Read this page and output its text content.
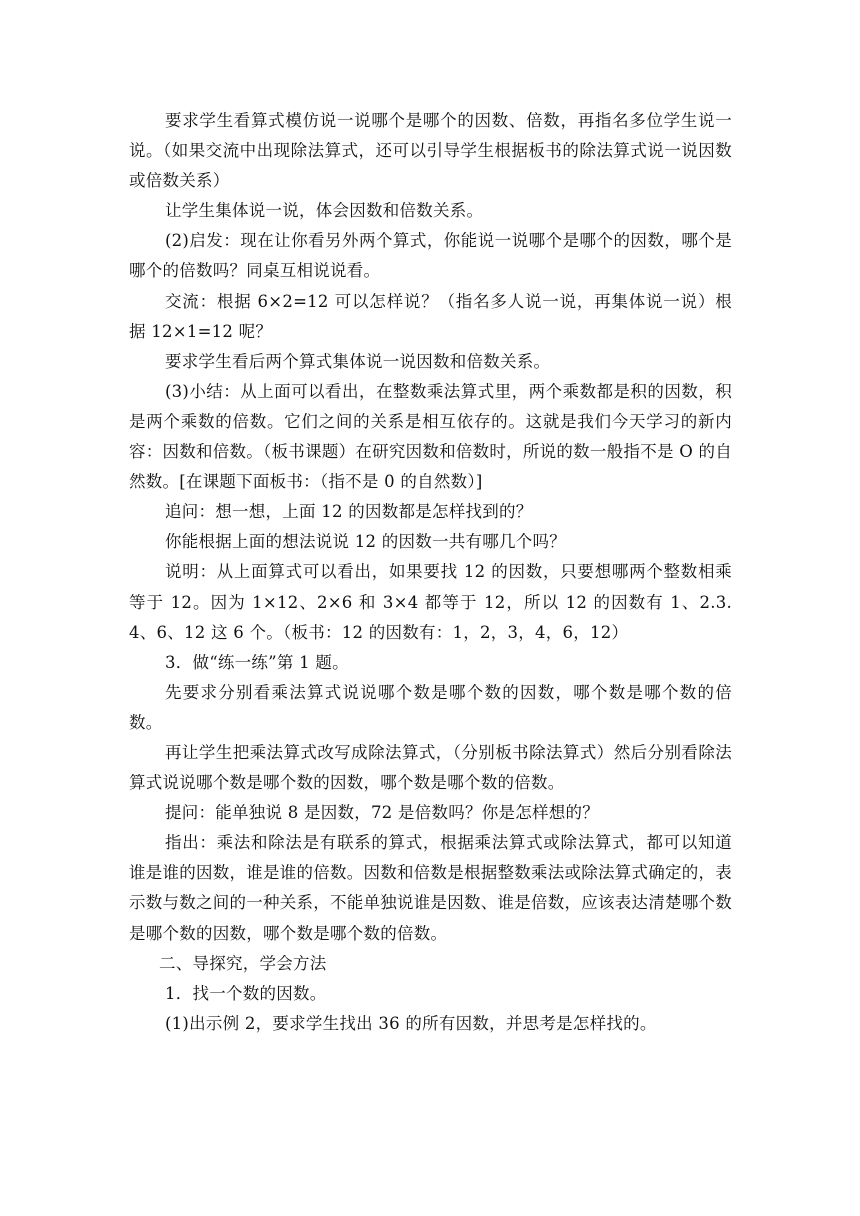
要求学生看算式模仿说一说哪个是哪个的因数、倍数，再指名多位学生说一说。（如果交流中出现除法算式，还可以引导学生根据板书的除法算式说一说因数或倍数关系）

让学生集体说一说，体会因数和倍数关系。

(2)启发：现在让你看另外两个算式，你能说一说哪个是哪个的因数，哪个是哪个的倍数吗？同桌互相说说看。

交流：根据 6×2=12 可以怎样说？（指名多人说一说，再集体说一说）根据 12×1=12 呢？

要求学生看后两个算式集体说一说因数和倍数关系。

(3)小结：从上面可以看出，在整数乘法算式里，两个乘数都是积的因数，积是两个乘数的倍数。它们之间的关系是相互依存的。这就是我们今天学习的新内容：因数和倍数。（板书课题）在研究因数和倍数时，所说的数一般指不是 O 的自然数。[在课题下面板书：（指不是 0 的自然数）]

追问：想一想，上面 12 的因数都是怎样找到的？

你能根据上面的想法说说 12 的因数一共有哪几个吗？

说明：从上面算式可以看出，如果要找 12 的因数，只要想哪两个整数相乘等于 12。因为 1×12、2×6 和 3×4 都等于 12，所以 12 的因数有 1、2.3.4、6、12 这 6 个。（板书：12 的因数有：1，2，3，4，6，12）

3．做“练一练”第 1 题。

先要求分别看乘法算式说说哪个数是哪个数的因数，哪个数是哪个数的倍数。

再让学生把乘法算式改写成除法算式，（分别板书除法算式）然后分别看除法算式说说哪个数是哪个数的因数，哪个数是哪个数的倍数。

提问：能单独说 8 是因数，72 是倍数吗？你是怎样想的？

指出：乘法和除法是有联系的算式，根据乘法算式或除法算式，都可以知道谁是谁的因数，谁是谁的倍数。因数和倍数是根据整数乘法或除法算式确定的，表示数与数之间的一种关系，不能单独说谁是因数、谁是倍数，应该表达清楚哪个数是哪个数的因数，哪个数是哪个数的倍数。

二、导探究，学会方法

1．找一个数的因数。

(1)出示例 2，要求学生找出 36 的所有因数，并思考是怎样找的。
